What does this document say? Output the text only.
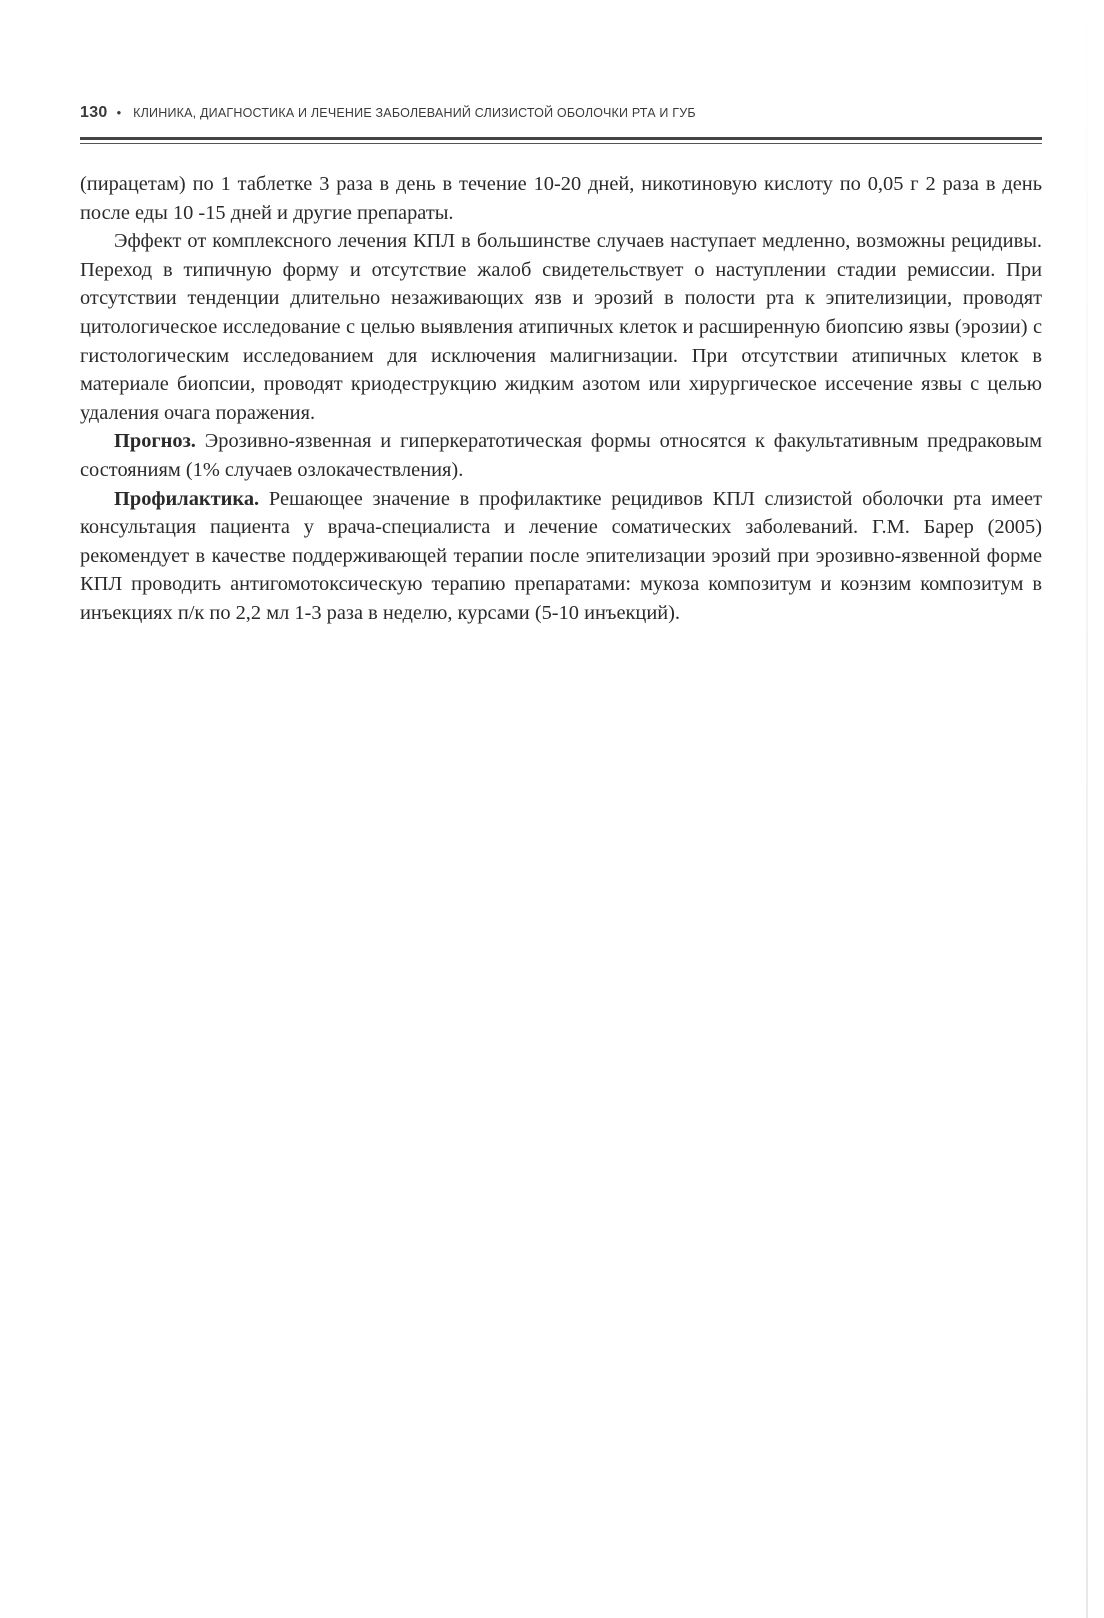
130 • КЛИНИКА, ДИАГНОСТИКА И ЛЕЧЕНИЕ ЗАБОЛЕВАНИЙ СЛИЗИСТОЙ ОБОЛОЧКИ РТА И ГУБ

(пирацетам) по 1 таблетке 3 раза в день в течение 10-20 дней, никотиновую кислоту по 0,05 г 2 раза в день после еды 10 -15 дней и другие препараты.

Эффект от комплексного лечения КПЛ в большинстве случаев наступает медленно, возможны рецидивы. Переход в типичную форму и отсутствие жалоб свидетельствует о наступлении стадии ремиссии. При отсутствии тенденции длительно незаживающих язв и эрозий в полости рта к эпителизиции, проводят цитологическое исследование с целью выявления атипичных клеток и расширенную биопсию язвы (эрозии) с гистологическим исследованием для исключения малигнизации. При отсутствии атипичных клеток в материале биопсии, проводят криодеструкцию жидким азотом или хирургическое иссечение язвы с целью удаления очага поражения.

Прогноз. Эрозивно-язвенная и гиперкератотическая формы относятся к факультативным предраковым состояниям (1% случаев озлокачествления).

Профилактика. Решающее значение в профилактике рецидивов КПЛ слизистой оболочки рта имеет консультация пациента у врача-специалиста и лечение соматических заболеваний. Г.М. Барер (2005) рекомендует в качестве поддерживающей терапии после эпителизации эрозий при эрозивно-язвенной форме КПЛ проводить антигомотоксическую терапию препаратами: мукоза композитум и коэнзим композитум в инъекциях п/к по 2,2 мл 1-3 раза в неделю, курсами (5-10 инъекций).
